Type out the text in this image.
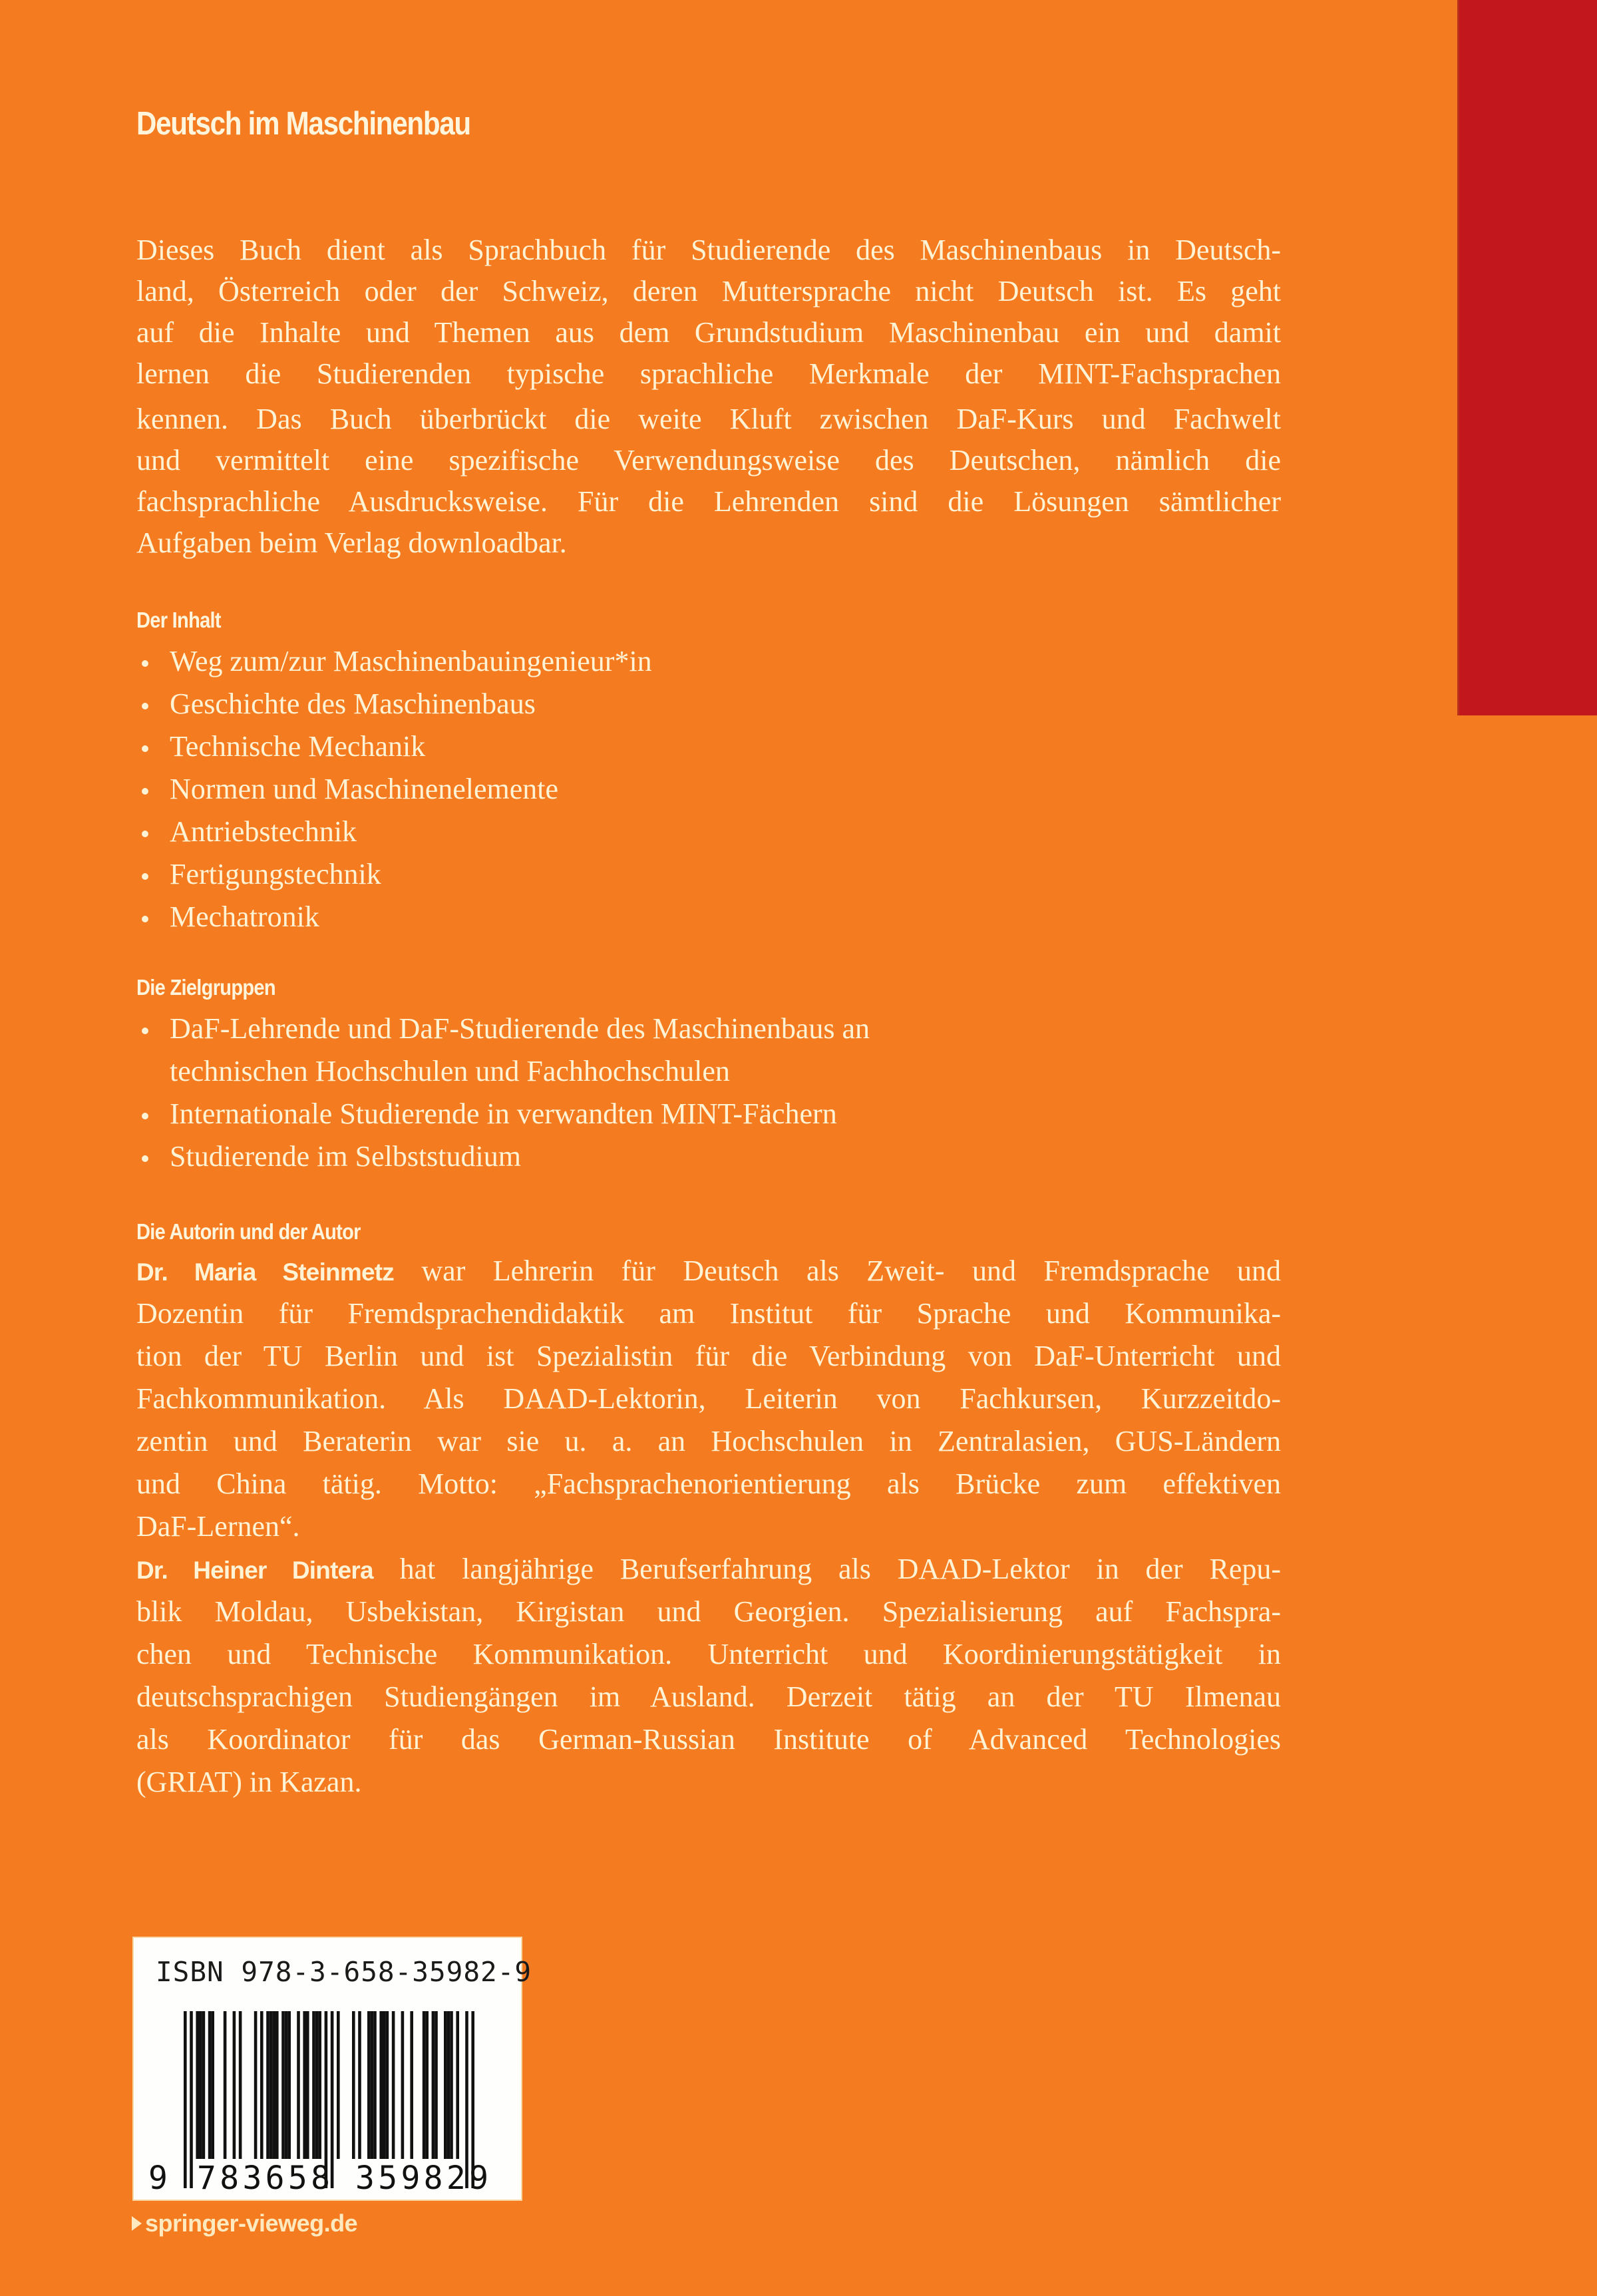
Deutsch im Maschinenbau
Dieses Buch dient als Sprachbuch für Studierende des Maschinenbaus in Deutsch-
land, Österreich oder der Schweiz, deren Muttersprache nicht Deutsch ist. Es geht
auf die Inhalte und Themen aus dem Grundstudium Maschinenbau ein und damit
lernen die Studierenden typische sprachliche Merkmale der MINT-Fachsprachen
kennen. Das Buch überbrückt die weite Kluft zwischen DaF-Kurs und Fachwelt
und vermittelt eine spezifische Verwendungsweise des Deutschen, nämlich die
fachsprachliche Ausdrucksweise. Für die Lehrenden sind die Lösungen sämtlicher
Aufgaben beim Verlag downloadbar.
Der Inhalt
Weg zum/zur Maschinenbauingenieur*in
Geschichte des Maschinenbaus
Technische Mechanik
Normen und Maschinenelemente
Antriebstechnik
Fertigungstechnik
Mechatronik
Die Zielgruppen
DaF-Lehrende und DaF-Studierende des Maschinenbaus an
technischen Hochschulen und Fachhochschulen
Internationale Studierende in verwandten MINT-Fächern
Studierende im Selbststudium
Die Autorin und der Autor
Dr. Maria Steinmetz war Lehrerin für Deutsch als Zweit- und Fremdsprache und
Dozentin für Fremdsprachendidaktik am Institut für Sprache und Kommunika-
tion der TU Berlin und ist Spezialistin für die Verbindung von DaF-Unterricht und
Fachkommunikation. Als DAAD-Lektorin, Leiterin von Fachkursen, Kurzzeitdo-
zentin und Beraterin war sie u. a. an Hochschulen in Zentralasien, GUS-Ländern
und China tätig. Motto: „Fachsprachenorientierung als Brücke zum effektiven
DaF-Lernen“.
Dr. Heiner Dintera hat langjährige Berufserfahrung als DAAD-Lektor in der Repu-
blik Moldau, Usbekistan, Kirgistan und Georgien. Spezialisierung auf Fachspra-
chen und Technische Kommunikation. Unterricht und Koordinierungstätigkeit in
deutschsprachigen Studiengängen im Ausland. Derzeit tätig an der TU Ilmenau
als Koordinator für das German-Russian Institute of Advanced Technologies
(GRIAT) in Kazan.
ISBN 978-3-658-35982-9
9 783658 359829
springer-vieweg.de
